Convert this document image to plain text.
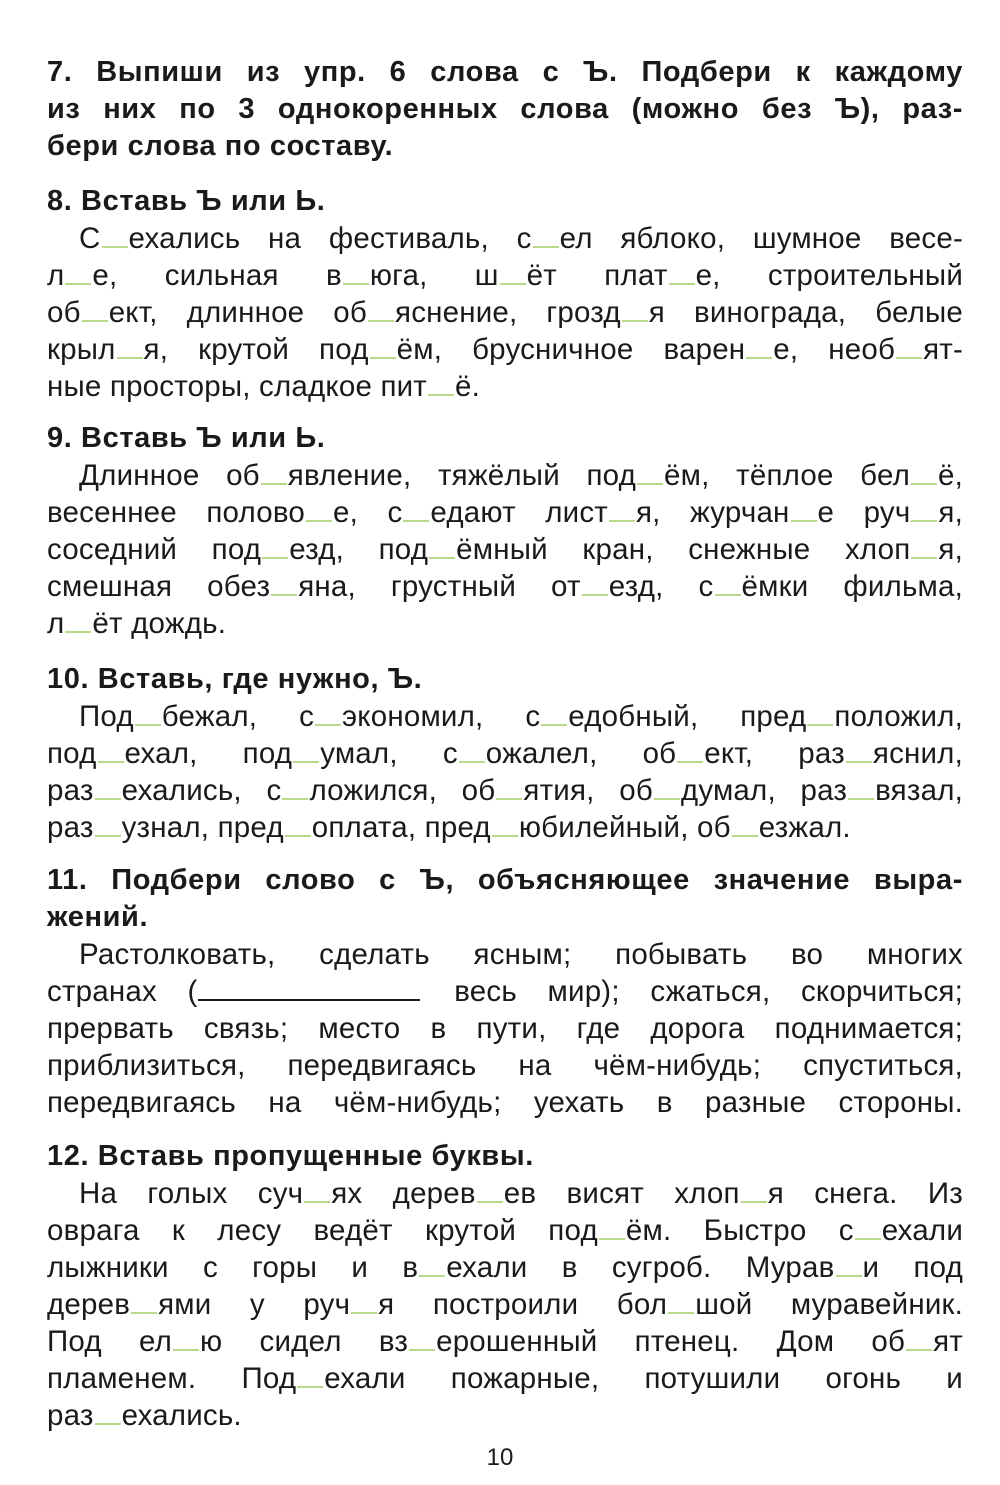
7. Выпиши из упр. 6 слова с Ъ. Подбери к каждому
из них по 3 однокоренных слова (можно без Ъ), раз-
бери слова по составу.
8. Вставь Ъ или Ь.
С ехались на фестиваль, с ел яблоко, шумное весе-
л е, сильная в юга, ш ёт плат е, строительный
об ект, длинное об яснение, грозд я винограда, белые
крыл я, крутой под ём, брусничное варен е, необ ят-
ные просторы, сладкое пит ё.
9. Вставь Ъ или Ь.
Длинное об явление, тяжёлый под ём, тёплое бел ё,
весеннее полово е, с едают лист я, журчан е руч я,
соседний под езд, под ёмный кран, снежные хлоп я,
смешная обез яна, грустный от езд, с ёмки фильма,
л ёт дождь.
10. Вставь, где нужно, Ъ.
Под бежал, с экономил, с едобный, пред положил,
под ехал, под умал, с ожалел, об ект, раз яснил,
раз ехались, с ложился, об ятия, об думал, раз вязал,
раз узнал, пред оплата, пред юбилейный, об езжал.
11. Подбери слово с Ъ, объясняющее значение выра-
жений.
Растолковать, сделать ясным; побывать во многих
странах (	весь мир); сжаться, скорчиться;
прервать связь; место в пути, где дорога поднимается;
приблизиться, передвигаясь на чём-нибудь; спуститься,
передвигаясь на чём-нибудь; уехать в разные стороны.
12. Вставь пропущенные буквы.
На голых суч ях дерев ев висят хлоп я снега. Из
оврага к лесу ведёт крутой под ём. Быстро с ехали
лыжники с горы и в ехали в сугроб. Мурав и под
дерев ями у руч я построили бол шой муравейник.
Под ел ю сидел вз ерошенный птенец. Дом об ят
пламенем. Под ехали пожарные, потушили огонь и
раз ехались.
10
